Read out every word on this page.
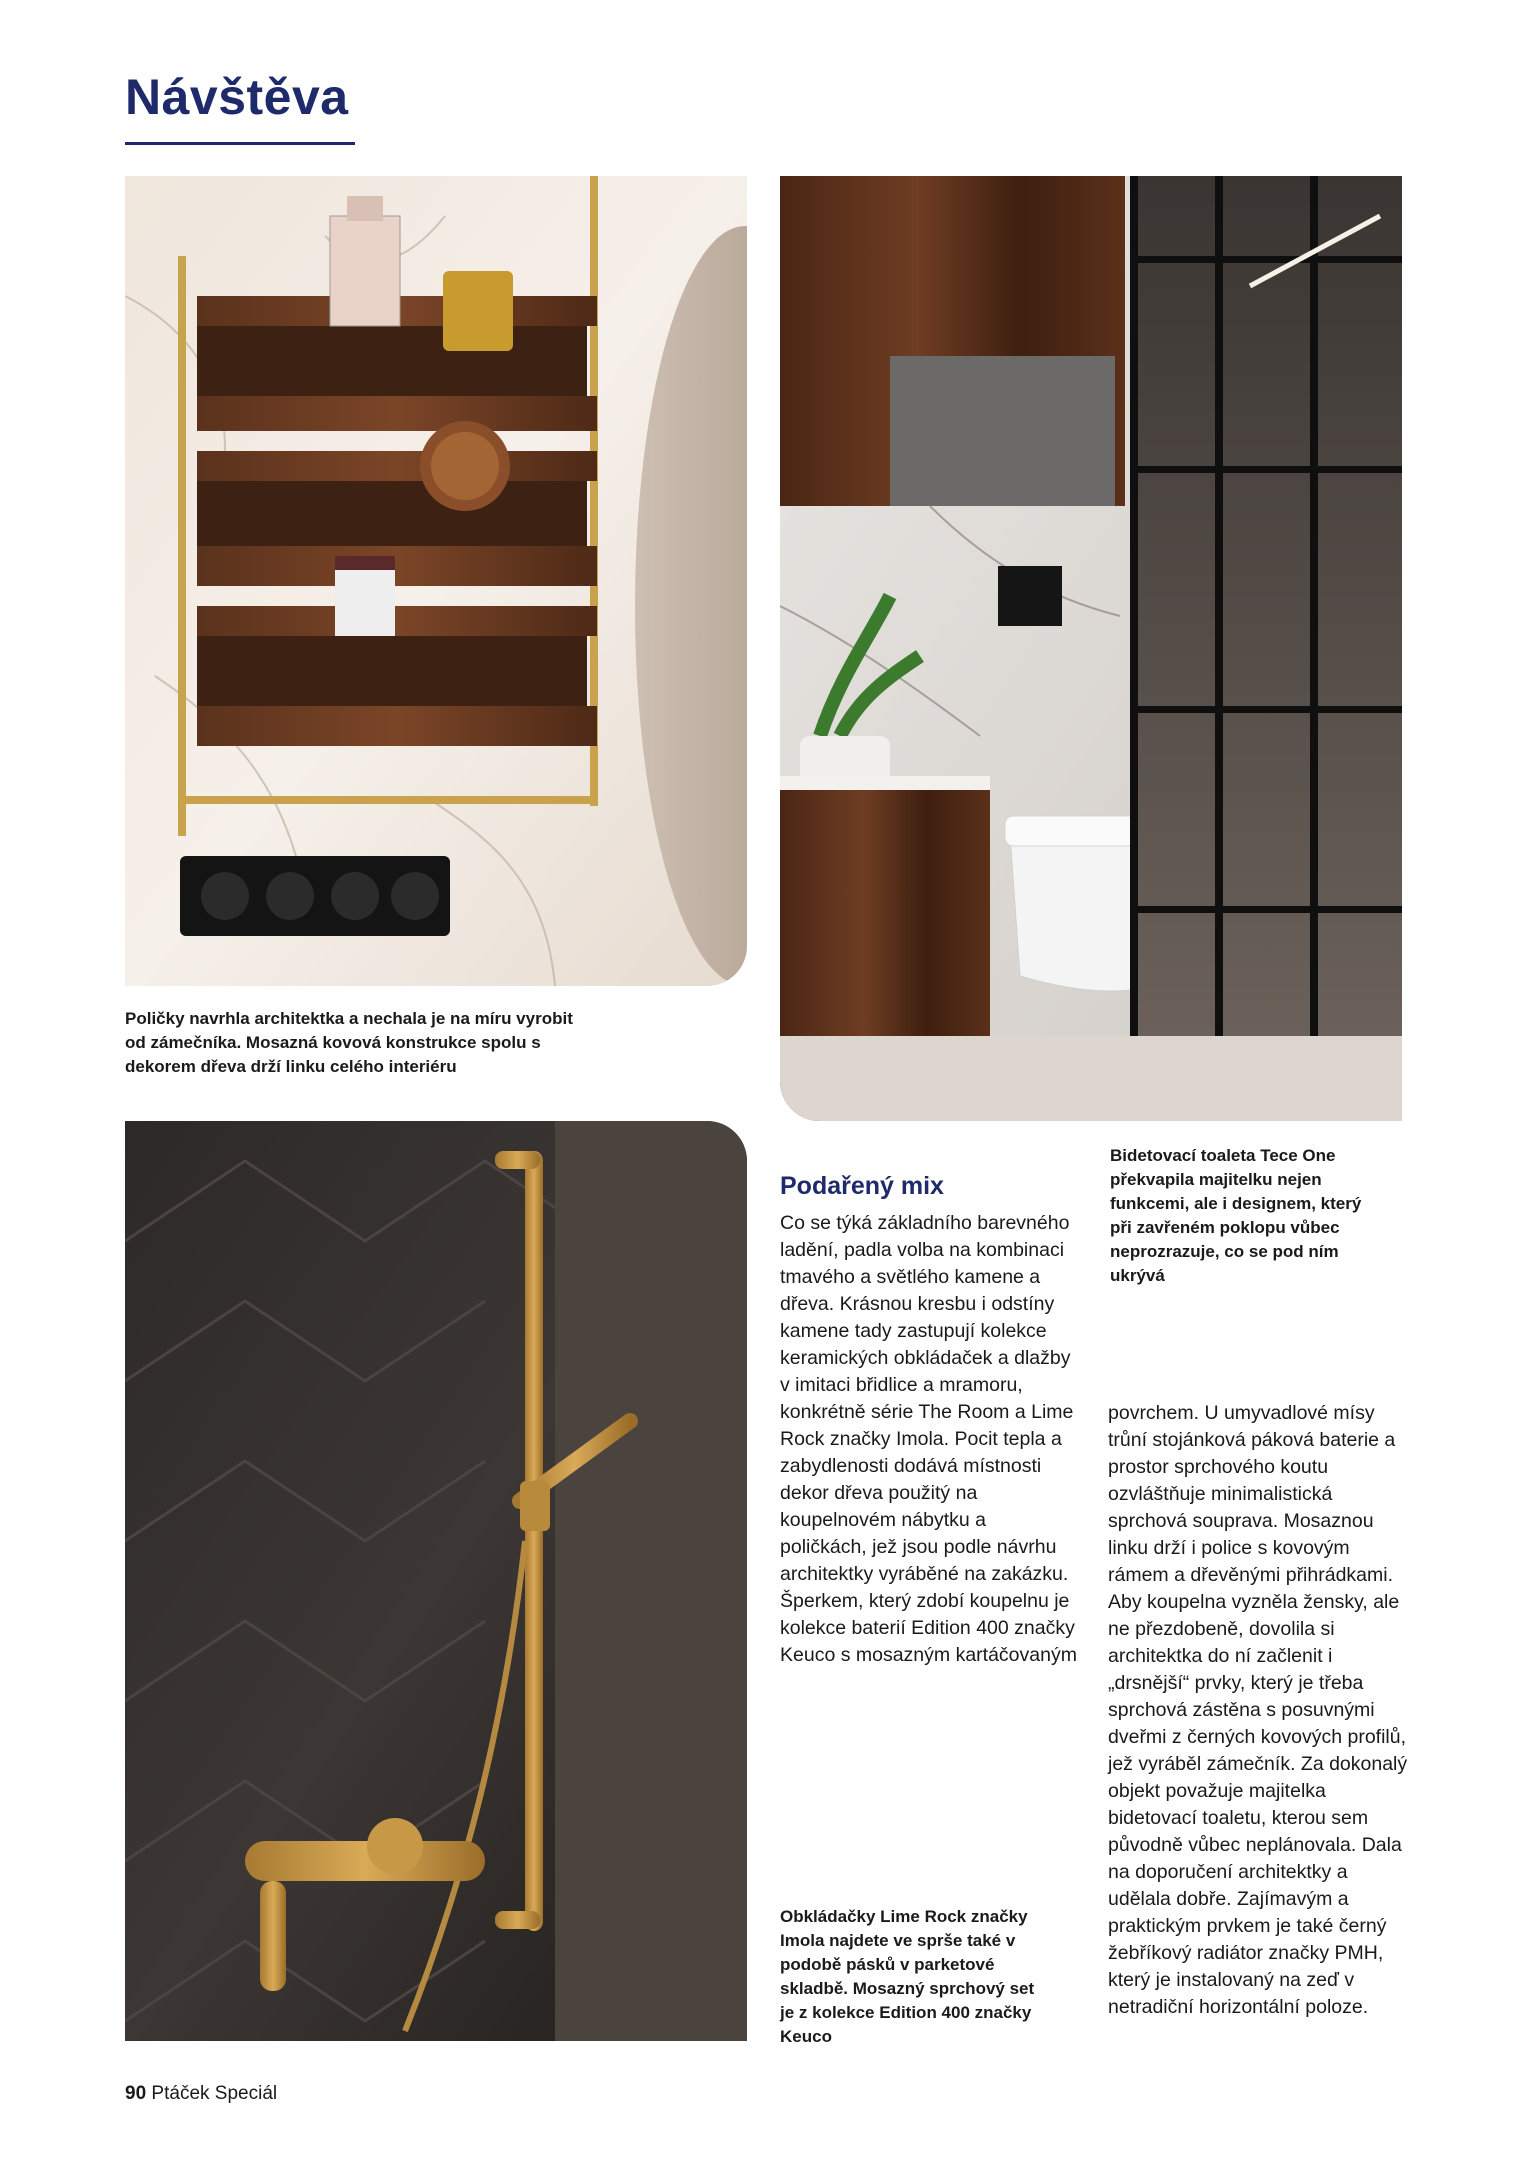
Návštěva

Poličky navrhla architektka a nechala je na míru vyrobit od zámečníka. Mosazná kovová konstrukce spolu s dekorem dřeva drží linku celého interiéru

Bidetovací toaleta Tece One překvapila majitelku nejen funkcemi, ale i designem, který při zavřeném poklopu vůbec neprozrazuje, co se pod ním ukrývá

Podařený mix

Co se týká základního barevného ladění, padla volba na kombinaci tmavého a světlého kamene a dřeva. Krásnou kresbu i odstíny kamene tady zastupují kolekce keramických obkládaček a dlažby v imitaci břidlice a mramoru, konkrétně série The Room a Lime Rock značky Imola. Pocit tepla a zabydlenosti dodává místnosti dekor dřeva použitý na koupelnovém nábytku a poličkách, jež jsou podle návrhu architektky vyráběné na zakázku. Šperkem, který zdobí koupelnu je kolekce baterií Edition 400 značky Keuco s mosazným kartáčovaným

povrchem. U umyvadlové mísy trůní stojánková páková baterie a prostor sprchového koutu ozvláštňuje minimalistická sprchová souprava. Mosaznou linku drží i police s kovovým rámem a dřevěnými přihrádkami. Aby koupelna vyzněla žensky, ale ne přezdobeně, dovolila si architektka do ní začlenit i „drsnější“ prvky, který je třeba sprchová zástěna s posuvnými dveřmi z černých kovových profilů, jež vyráběl zámečník. Za dokonalý objekt považuje majitelka bidetovací toaletu, kterou sem původně vůbec neplánovala. Dala na doporučení architektky a udělala dobře. Zajímavým a praktickým prvkem je také černý žebříkový radiátor značky PMH, který je instalovaný na zeď v netradiční horizontální poloze.

Obkládačky Lime Rock značky Imola najdete ve sprše také v podobě pásků v parketové skladbě. Mosazný sprchový set je z kolekce Edition 400 značky Keuco

90 Ptáček Speciál
